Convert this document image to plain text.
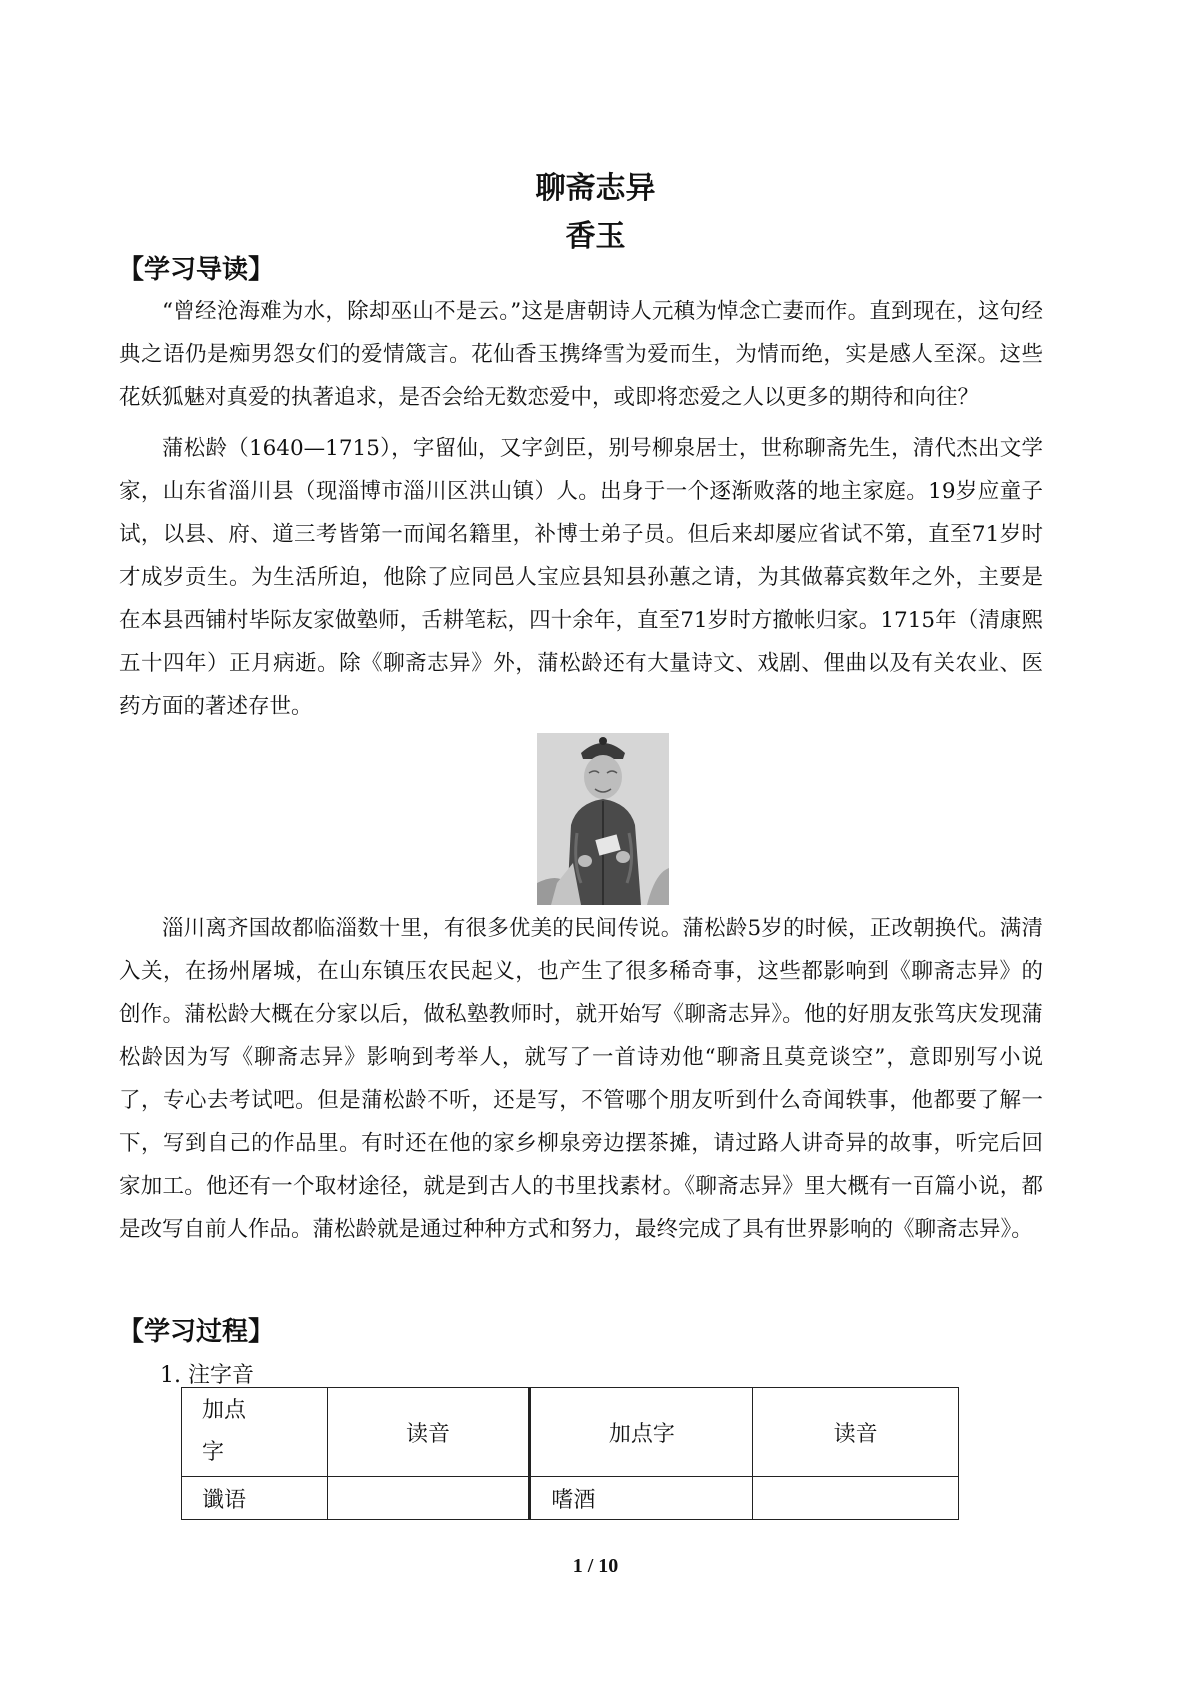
聊斋志异
香玉
【学习导读】

“曾经沧海难为水，除却巫山不是云。”这是唐朝诗人元稹为悼念亡妻而作。直到现在，这句经典之语仍是痴男怨女们的爱情箴言。花仙香玉携绛雪为爱而生，为情而绝，实是感人至深。这些花妖狐魅对真爱的执著追求，是否会给无数恋爱中，或即将恋爱之人以更多的期待和向往？

蒲松龄（1640—1715），字留仙，又字剑臣，别号柳泉居士，世称聊斋先生，清代杰出文学家，山东省淄川县（现淄博市淄川区洪山镇）人。出身于一个逐渐败落的地主家庭。19岁应童子试，以县、府、道三考皆第一而闻名籍里，补博士弟子员。但后来却屡应省试不第，直至71岁时才成岁贡生。为生活所迫，他除了应同邑人宝应县知县孙蕙之请，为其做幕宾数年之外，主要是在本县西铺村毕际友家做塾师，舌耕笔耘，四十余年，直至71岁时方撤帐归家。1715年（清康熙五十四年）正月病逝。除《聊斋志异》外，蒲松龄还有大量诗文、戏剧、俚曲以及有关农业、医药方面的著述存世。

淄川离齐国故都临淄数十里，有很多优美的民间传说。蒲松龄5岁的时候，正改朝换代。满清入关，在扬州屠城，在山东镇压农民起义，也产生了很多稀奇事，这些都影响到《聊斋志异》的创作。蒲松龄大概在分家以后，做私塾教师时，就开始写《聊斋志异》。他的好朋友张笃庆发现蒲松龄因为写《聊斋志异》影响到考举人，就写了一首诗劝他“聊斋且莫竞谈空”，意即别写小说了，专心去考试吧。但是蒲松龄不听，还是写，不管哪个朋友听到什么奇闻轶事，他都要了解一下，写到自己的作品里。有时还在他的家乡柳泉旁边摆茶摊，请过路人讲奇异的故事，听完后回家加工。他还有一个取材途径，就是到古人的书里找素材。《聊斋志异》里大概有一百篇小说，都是改写自前人作品。蒲松龄就是通过种种方式和努力，最终完成了具有世界影响的《聊斋志异》。

【学习过程】
1. 注字音
加点
字	读音	加点字	读音
谶语		嗜酒	
1 / 10
